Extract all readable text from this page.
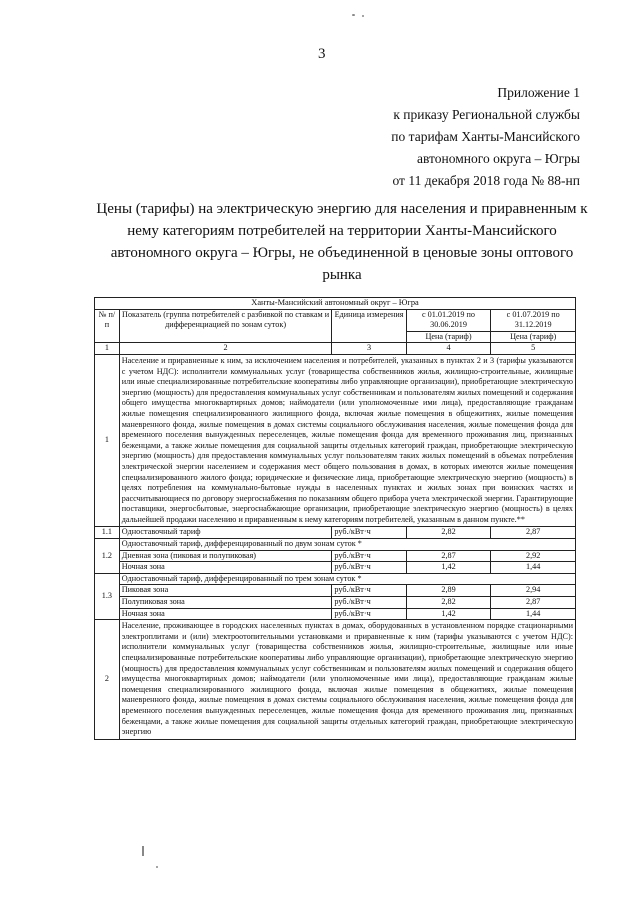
3
Приложение 1
к приказу Региональной службы
по тарифам Ханты-Мансийского
автономного округа – Югры
от 11 декабря 2018 года № 88-нп
Цены (тарифы) на электрическую энергию для населения и приравненным к нему категориям потребителей на территории Ханты-Мансийского автономного округа – Югры, не объединенной в ценовые зоны оптового рынка
Ханты-Мансийский автономный округ – Югра				
№ п/п	Показатель (группа потребителей с разбивкой по ставкам и дифференциацией по зонам суток)	Единица измерения	с 01.01.2019 по 30.06.2019	с 01.07.2019 по 31.12.2019
			Цена (тариф)	Цена (тариф)
1	2	3	4	5
1	Население и приравненные к ним, за исключением населения и потребителей, указанных в пунктах 2 и 3 (тарифы указываются с учетом НДС): исполнители коммунальных услуг (товарищества собственников жилья, жилищно-строительные, жилищные или иные специализированные потребительские кооперативы либо управляющие организации), приобретающие электрическую энергию (мощность) для предоставления коммунальных услуг собственникам и пользователям жилых помещений и содержания общего имущества многоквартирных домов; наймодатели (или уполномоченные ими лица), предоставляющие гражданам жилые помещения специализированного жилищного фонда, включая жилые помещения в общежитиях, жилые помещения маневренного фонда, жилые помещения в домах системы социального обслуживания населения, жилые помещения фонда для временного поселения вынужденных переселенцев, жилые помещения фонда для временного проживания лиц, признанных беженцами, а также жилые помещения для социальной защиты отдельных категорий граждан, приобретающие электрическую энергию (мощность) для предоставления коммунальных услуг пользователям таких жилых помещений в объемах потребления электрической энергии населением и содержания мест общего пользования в домах, в которых имеются жилые помещения специализированного жилого фонда; юридические и физические лица, приобретающие электрическую энергию (мощность) в целях потребления на коммунально-бытовые нужды в населенных пунктах и жилых зонах при воинских частях и рассчитывающиеся по договору энергоснабжения по показаниям общего прибора учета электрической энергии. Гарантирующие поставщики, энергосбытовые, энергоснабжающие организации, приобретающие электрическую энергию (мощность) в целях дальнейшей продажи населению и приравненным к нему категориям потребителей, указанным в данном пункте.**			
1.1	Одноставочный тариф	руб./кВт·ч	2,82	2,87
1.2	Одноставочный тариф, дифференцированный по двум зонам суток *			
	Дневная зона (пиковая и полупиковая)	руб./кВт·ч	2,87	2,92
	Ночная зона	руб./кВт·ч	1,42	1,44
1.3	Одноставочный тариф, дифференцированный по трем зонам суток *			
	Пиковая зона	руб./кВт·ч	2,89	2,94
	Полупиковая зона	руб./кВт·ч	2,82	2,87
	Ночная зона	руб./кВт·ч	1,42	1,44
2	Население, проживающее в городских населенных пунктах в домах, оборудованных в установленном порядке стационарными электроплитами и (или) электроотопительными установками и приравненные к ним (тарифы указываются с учетом НДС): исполнители коммунальных услуг (товарищества собственников жилья, жилищно-строительные, жилищные или иные специализированные потребительские кооперативы либо управляющие организации), приобретающие электрическую энергию (мощность) для предоставления коммунальных услуг собственникам и пользователям жилых помещений и содержания общего имущества многоквартирных домов; наймодатели (или уполномоченные ими лица), предоставляющие гражданам жилые помещения специализированного жилищного фонда, включая жилые помещения в общежитиях, жилые помещения маневренного фонда, жилые помещения в домах системы социального обслуживания населения, жилые помещения фонда для временного поселения вынужденных переселенцев, жилые помещения фонда для временного проживания лиц, признанных беженцами, а также жилые помещения для социальной защиты отдельных категорий граждан, приобретающие электрическую энергию			
